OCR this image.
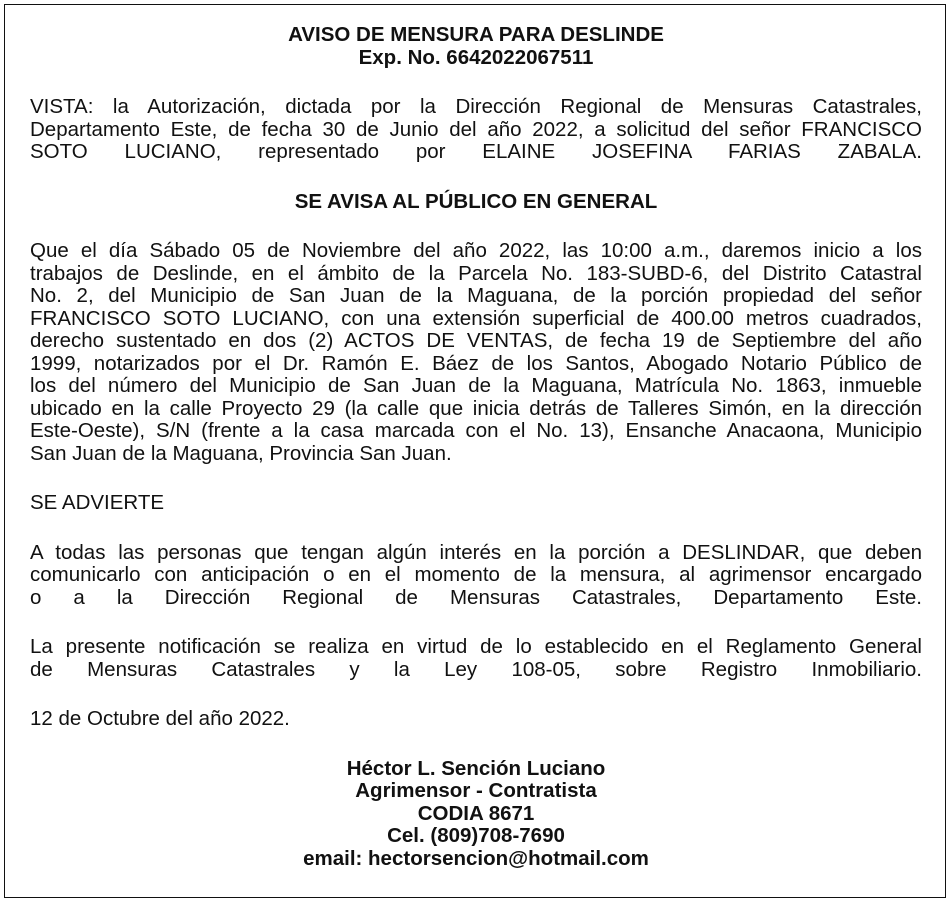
AVISO DE MENSURA PARA DESLINDE
Exp. No. 6642022067511
VISTA: la Autorización, dictada por la Dirección Regional de Mensuras Catastrales,
Departamento Este, de fecha 30 de Junio del año 2022, a solicitud del señor FRANCISCO
SOTO LUCIANO, representado por ELAINE JOSEFINA FARIAS ZABALA.
SE AVISA AL PÚBLICO EN GENERAL
Que el día Sábado 05 de Noviembre del año 2022, las 10:00 a.m., daremos inicio a los
trabajos de Deslinde, en el ámbito de la Parcela No. 183-SUBD-6, del Distrito Catastral
No. 2, del Municipio de San Juan de la Maguana, de la porción propiedad del señor
FRANCISCO SOTO LUCIANO, con una extensión superficial de 400.00 metros cuadrados,
derecho sustentado en dos (2) ACTOS DE VENTAS, de fecha 19 de Septiembre del año
1999, notarizados por el Dr. Ramón E. Báez de los Santos, Abogado Notario Público de
los del número del Municipio de San Juan de la Maguana, Matrícula No. 1863, inmueble
ubicado en la calle Proyecto 29 (la calle que inicia detrás de Talleres Simón, en la dirección
Este-Oeste), S/N (frente a la casa marcada con el No. 13), Ensanche Anacaona, Municipio
San Juan de la Maguana, Provincia San Juan.
SE ADVIERTE
A todas las personas que tengan algún interés en la porción a DESLINDAR, que deben
comunicarlo con anticipación o en el momento de la mensura, al agrimensor encargado
o a la Dirección Regional de Mensuras Catastrales, Departamento Este.
La presente notificación se realiza en virtud de lo establecido en el Reglamento General
de Mensuras Catastrales y la Ley 108-05, sobre Registro Inmobiliario.
12 de Octubre del año 2022.
Héctor L. Sención Luciano
Agrimensor - Contratista
CODIA 8671
Cel. (809)708-7690
email: hectorsencion@hotmail.com
